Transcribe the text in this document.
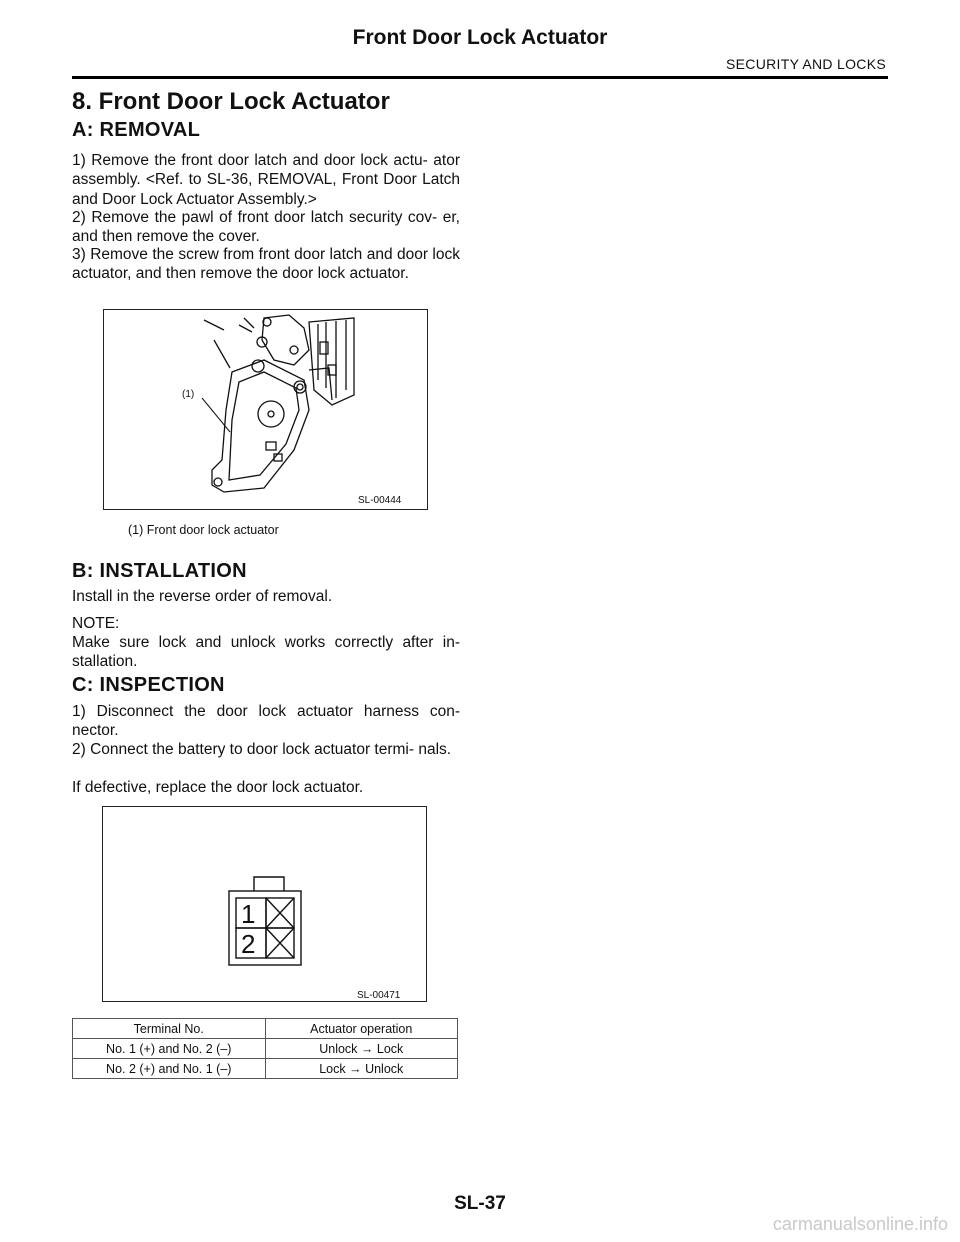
Front Door Lock Actuator
SECURITY AND LOCKS
8. Front Door Lock Actuator
A: REMOVAL
1) Remove the front door latch and door lock actu- ator assembly. <Ref. to SL-36, REMOVAL, Front Door Latch and Door Lock Actuator Assembly.>
2) Remove the pawl of front door latch security cov- er, and then remove the cover.
3) Remove the screw from front door latch and door lock actuator, and then remove the door lock actuator.
(1)
SL-00444
(1) Front door lock actuator
B: INSTALLATION
Install in the reverse order of removal.
NOTE:
Make sure lock and unlock works correctly after in- stallation.
C: INSPECTION
1) Disconnect the door lock actuator harness con- nector.
2) Connect the battery to door lock actuator termi- nals.
If defective, replace the door lock actuator.
1
2
SL-00471
Terminal No.	Actuator operation
No. 1 (+) and No. 2 (–)	Unlock → Lock
No. 2 (+) and No. 1 (–)	Lock → Unlock
SL-37
carmanualsonline.info
